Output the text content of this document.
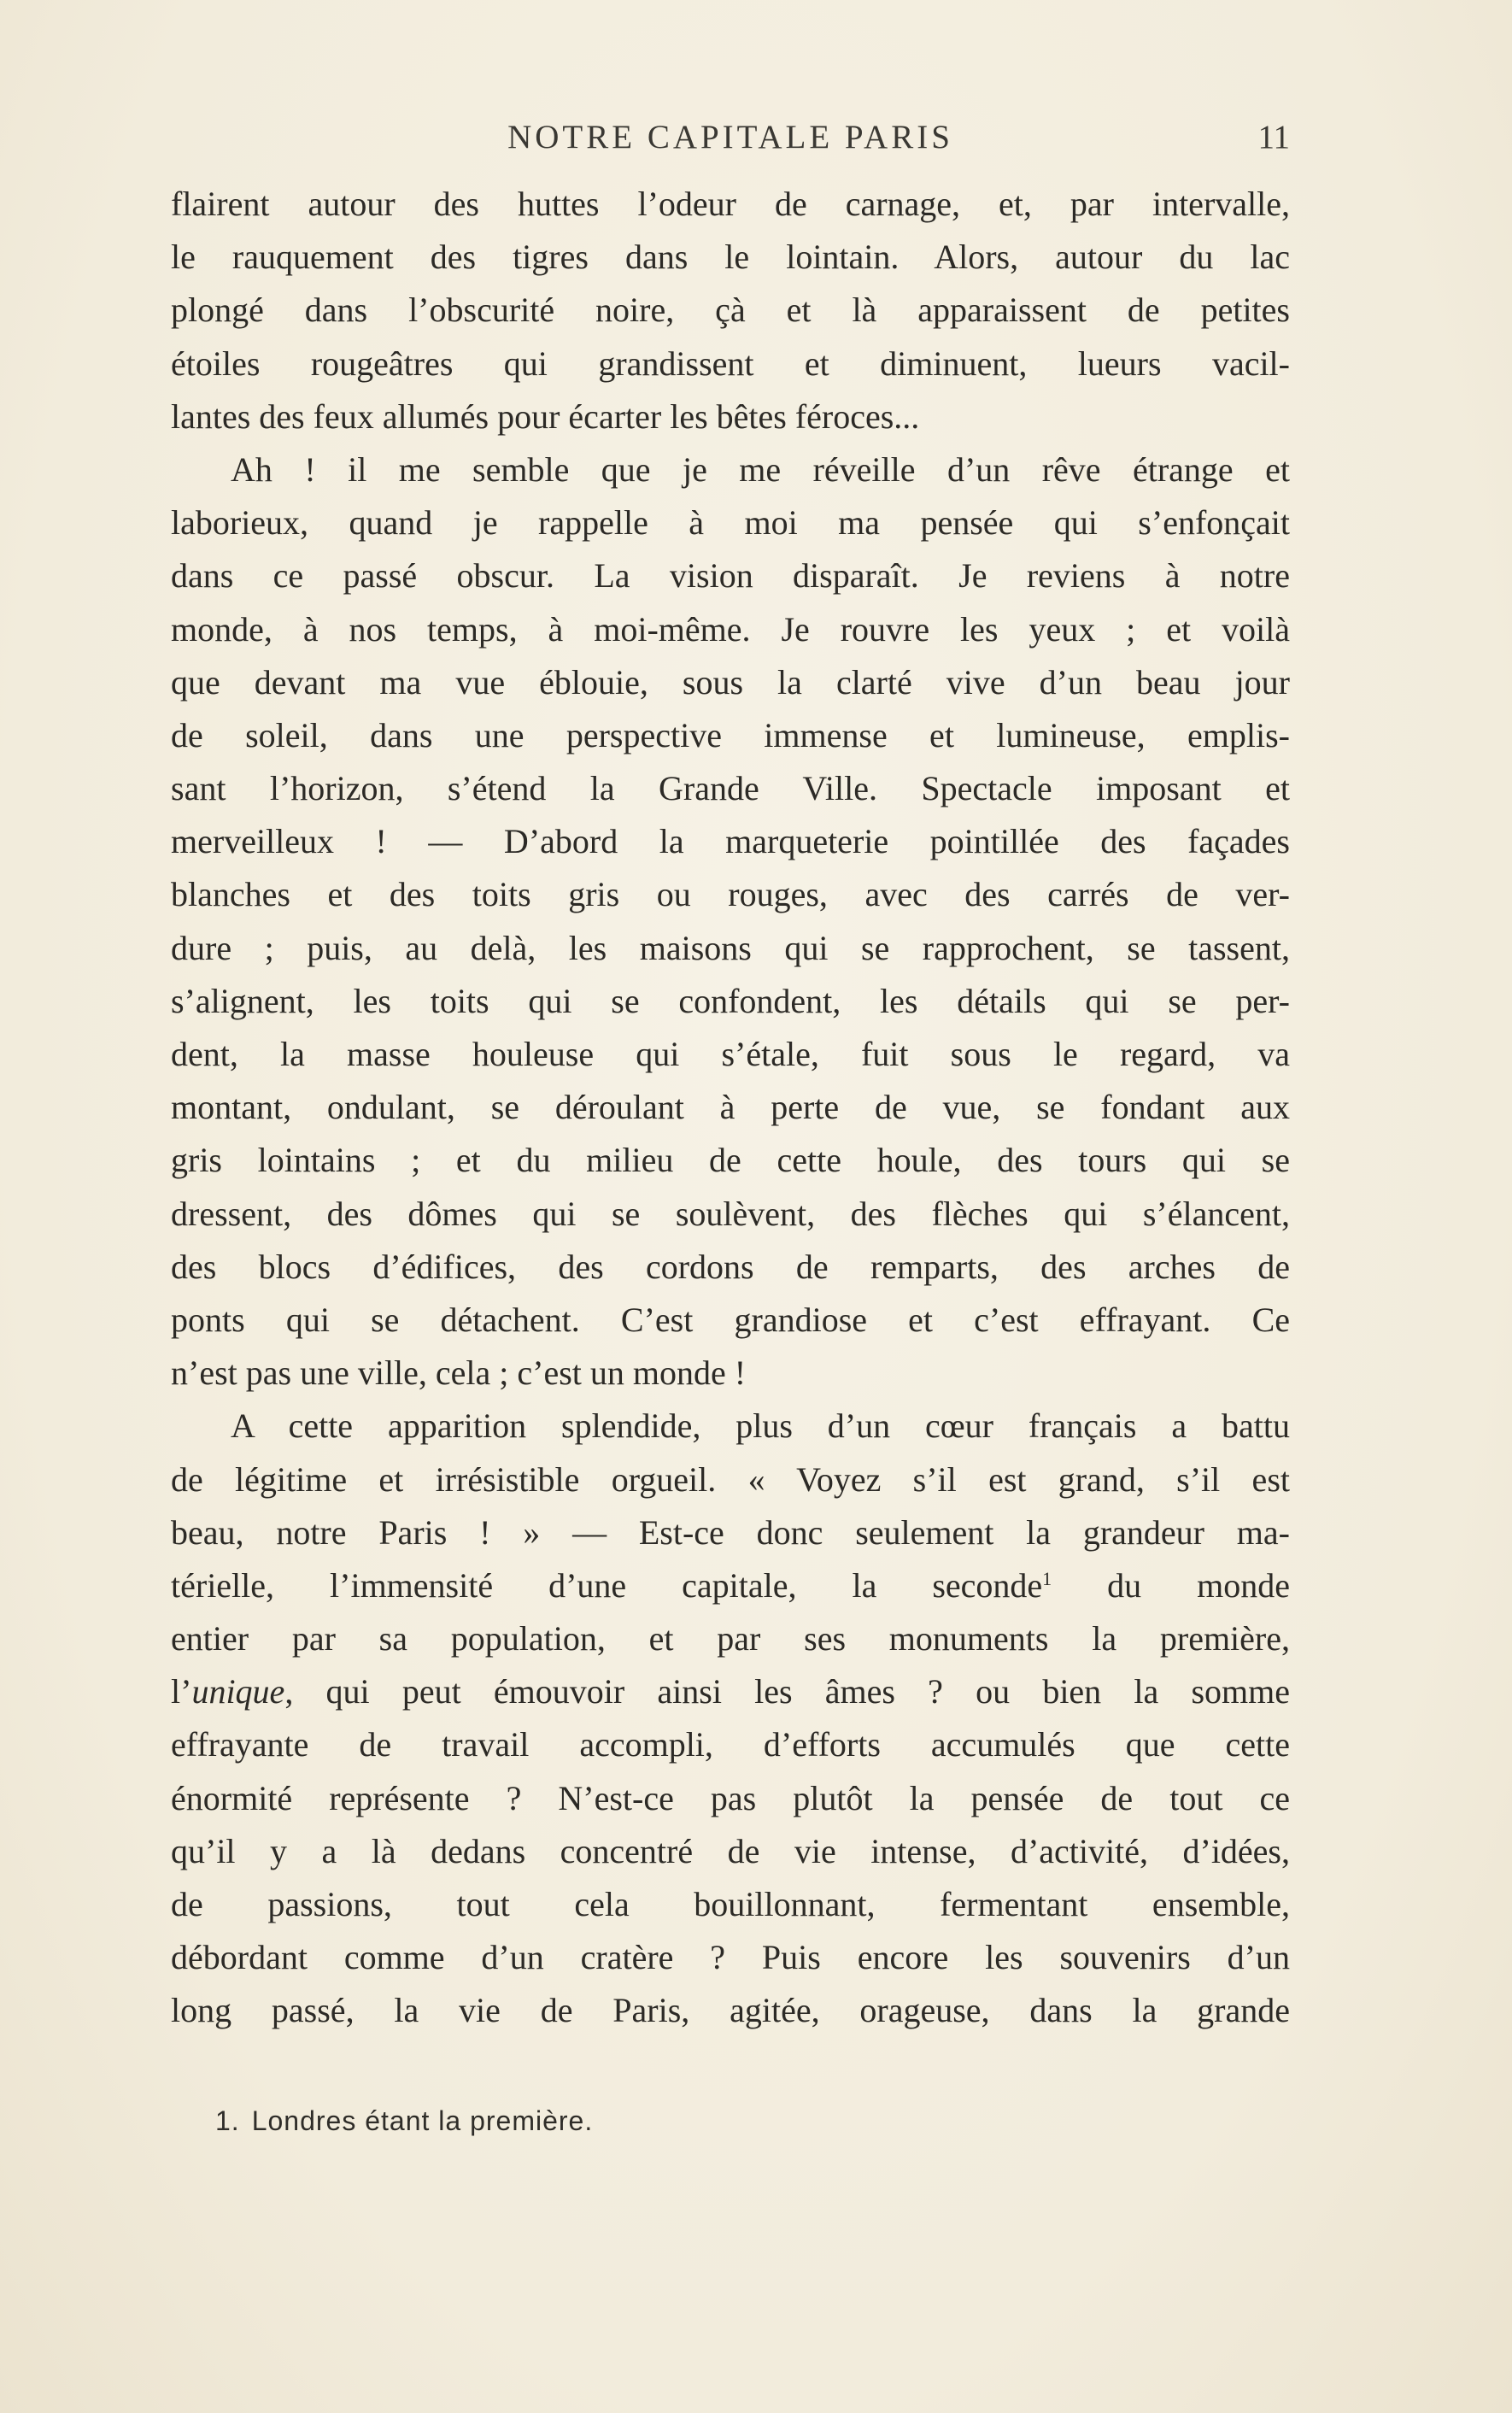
NOTRE CAPITALE PARIS	11
flairent autour des huttes l’odeur de carnage, et, par intervalle,
le rauquement des tigres dans le lointain. Alors, autour du lac
plongé dans l’obscurité noire, çà et là apparaissent de petites
étoiles rougeâtres qui grandissent et diminuent, lueurs vacil-
lantes des feux allumés pour écarter les bêtes féroces...
Ah ! il me semble que je me réveille d’un rêve étrange et
laborieux, quand je rappelle à moi ma pensée qui s’enfonçait
dans ce passé obscur. La vision disparaît. Je reviens à notre
monde, à nos temps, à moi-même. Je rouvre les yeux ; et voilà
que devant ma vue éblouie, sous la clarté vive d’un beau jour
de soleil, dans une perspective immense et lumineuse, emplis-
sant l’horizon, s’étend la Grande Ville. Spectacle imposant et
merveilleux ! — D’abord la marqueterie pointillée des façades
blanches et des toits gris ou rouges, avec des carrés de ver-
dure ; puis, au delà, les maisons qui se rapprochent, se tassent,
s’alignent, les toits qui se confondent, les détails qui se per-
dent, la masse houleuse qui s’étale, fuit sous le regard, va
montant, ondulant, se déroulant à perte de vue, se fondant aux
gris lointains ; et du milieu de cette houle, des tours qui se
dressent, des dômes qui se soulèvent, des flèches qui s’élancent,
des blocs d’édifices, des cordons de remparts, des arches de
ponts qui se détachent. C’est grandiose et c’est effrayant. Ce
n’est pas une ville, cela ; c’est un monde !
A cette apparition splendide, plus d’un cœur français a battu
de légitime et irrésistible orgueil. « Voyez s’il est grand, s’il est
beau, notre Paris ! » — Est-ce donc seulement la grandeur ma-
térielle, l’immensité d’une capitale, la seconde$^1$ du monde
entier par sa population, et par ses monuments la première,
l’unique, qui peut émouvoir ainsi les âmes ? ou bien la somme
effrayante de travail accompli, d’efforts accumulés que cette
énormité représente ? N’est-ce pas plutôt la pensée de tout ce
qu’il y a là dedans concentré de vie intense, d’activité, d’idées,
de passions, tout cela bouillonnant, fermentant ensemble,
débordant comme d’un cratère ? Puis encore les souvenirs d’un
long passé, la vie de Paris, agitée, orageuse, dans la grande
1. Londres étant la première.
